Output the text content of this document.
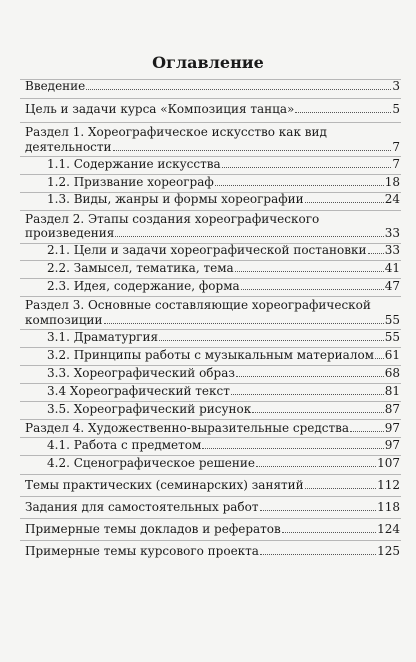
Оглавление
Введение	3
Цель и задачи курса «Композиция танца»	5
Раздел 1. Хореографическое искусство как вид
деятельности	7
1.1. Содержание искусства	7
1.2. Призвание хореограф	18
1.3. Виды, жанры и формы хореографии	24
Раздел 2. Этапы создания хореографического
произведения	33
2.1. Цели и задачи хореографической постановки 33
2.2. Замысел, тематика, тема	41
2.3. Идея, содержание, форма	47
Раздел 3. Основные составляющие хореографической
композиции	55
3.1. Драматургия	55
3.2. Принципы работы с музыкальным материалом 61
3.3. Хореографический образ	68
3.4 Хореографический текст	81
3.5. Хореографический рисунок	87
Раздел 4. Художественно-выразительные средства	97
4.1. Работа с предметом	97
4.2. Сценографическое решение	107
Темы практических (семинарских) занятий	112
Задания для самостоятельных работ	118
Примерные темы докладов и рефератов	124
Примерные темы курсового проекта	125
